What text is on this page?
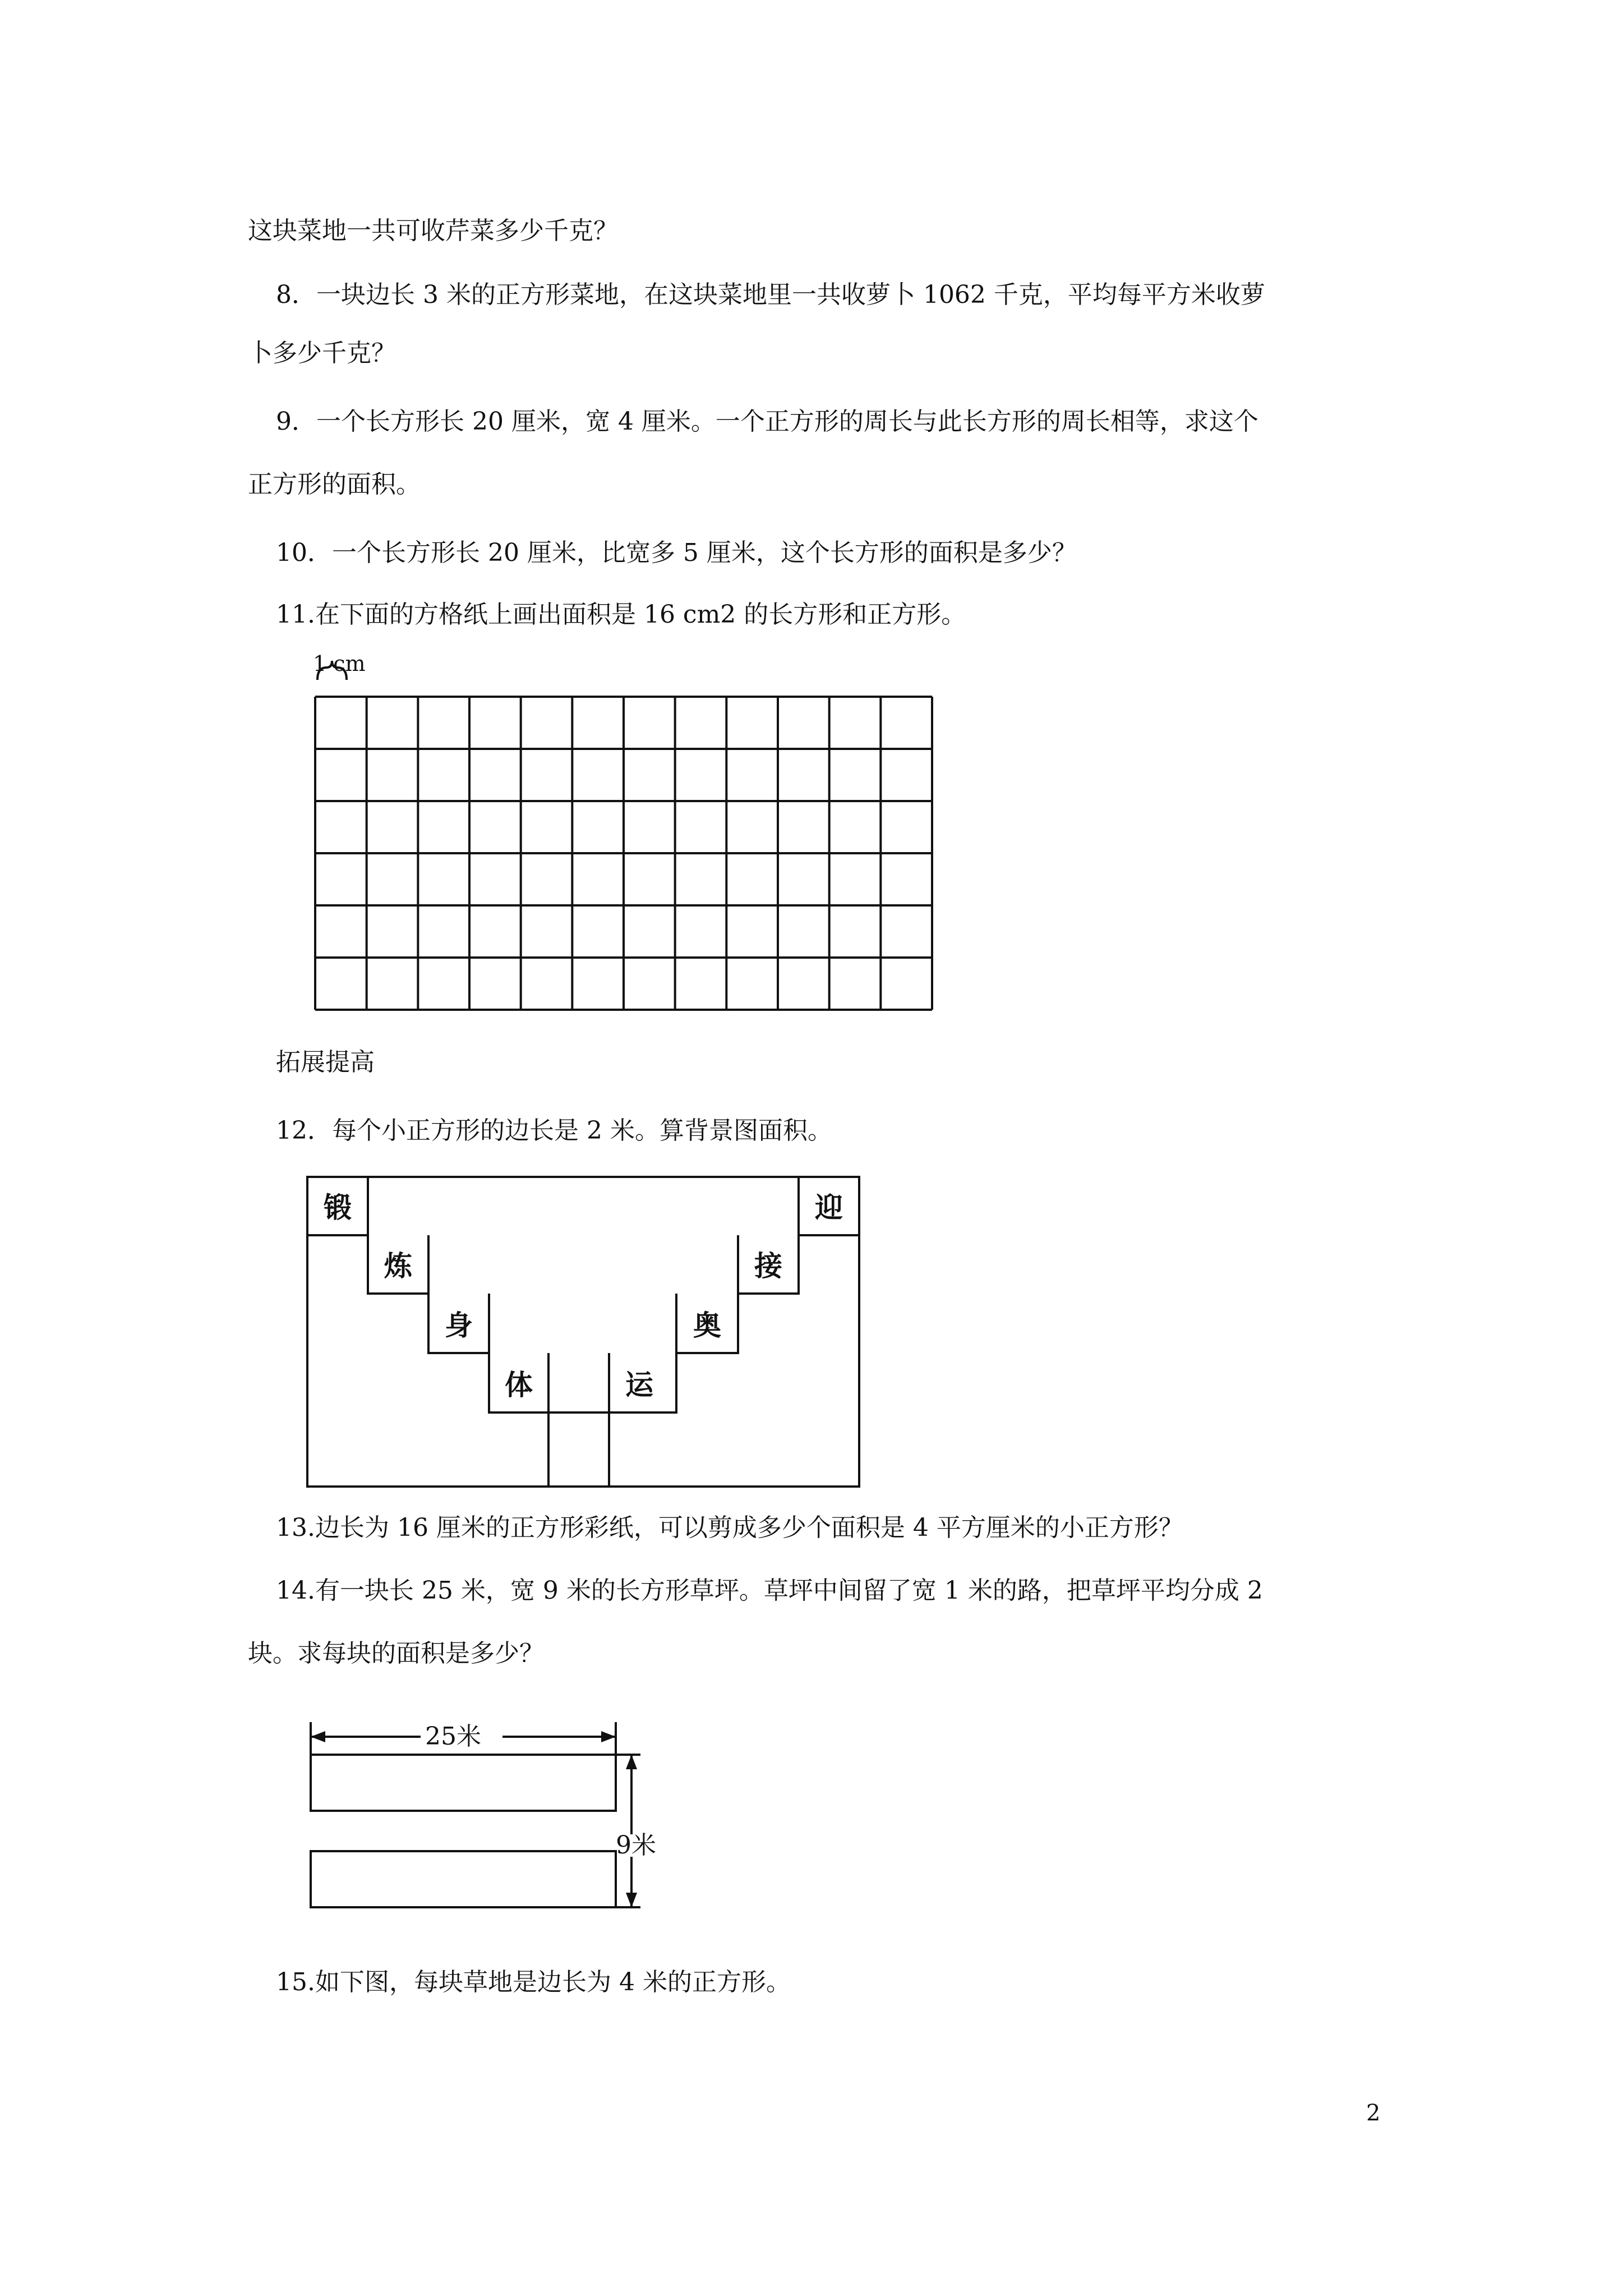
这块菜地一共可收芹菜多少千克？
8．一块边长 3 米的正方形菜地，在这块菜地里一共收萝卜 1062 千克，平均每平方米收萝
卜多少千克？
9．一个长方形长 20 厘米，宽 4 厘米。一个正方形的周长与此长方形的周长相等，求这个
正方形的面积。
10．一个长方形长 20 厘米，比宽多 5 厘米，这个长方形的面积是多少？
11.在下面的方格纸上画出面积是 16 cm2 的长方形和正方形。
1 cm
拓展提高
12．每个小正方形的边长是 2 米。算背景图面积。
锻
炼
身
体	运
奥
接
迎
13.边长为 16 厘米的正方形彩纸，可以剪成多少个面积是 4 平方厘米的小正方形？
14.有一块长 25 米，宽 9 米的长方形草坪。草坪中间留了宽 1 米的路，把草坪平均分成 2
块。求每块的面积是多少？
25米
9米
15.如下图，每块草地是边长为 4 米的正方形。
2
